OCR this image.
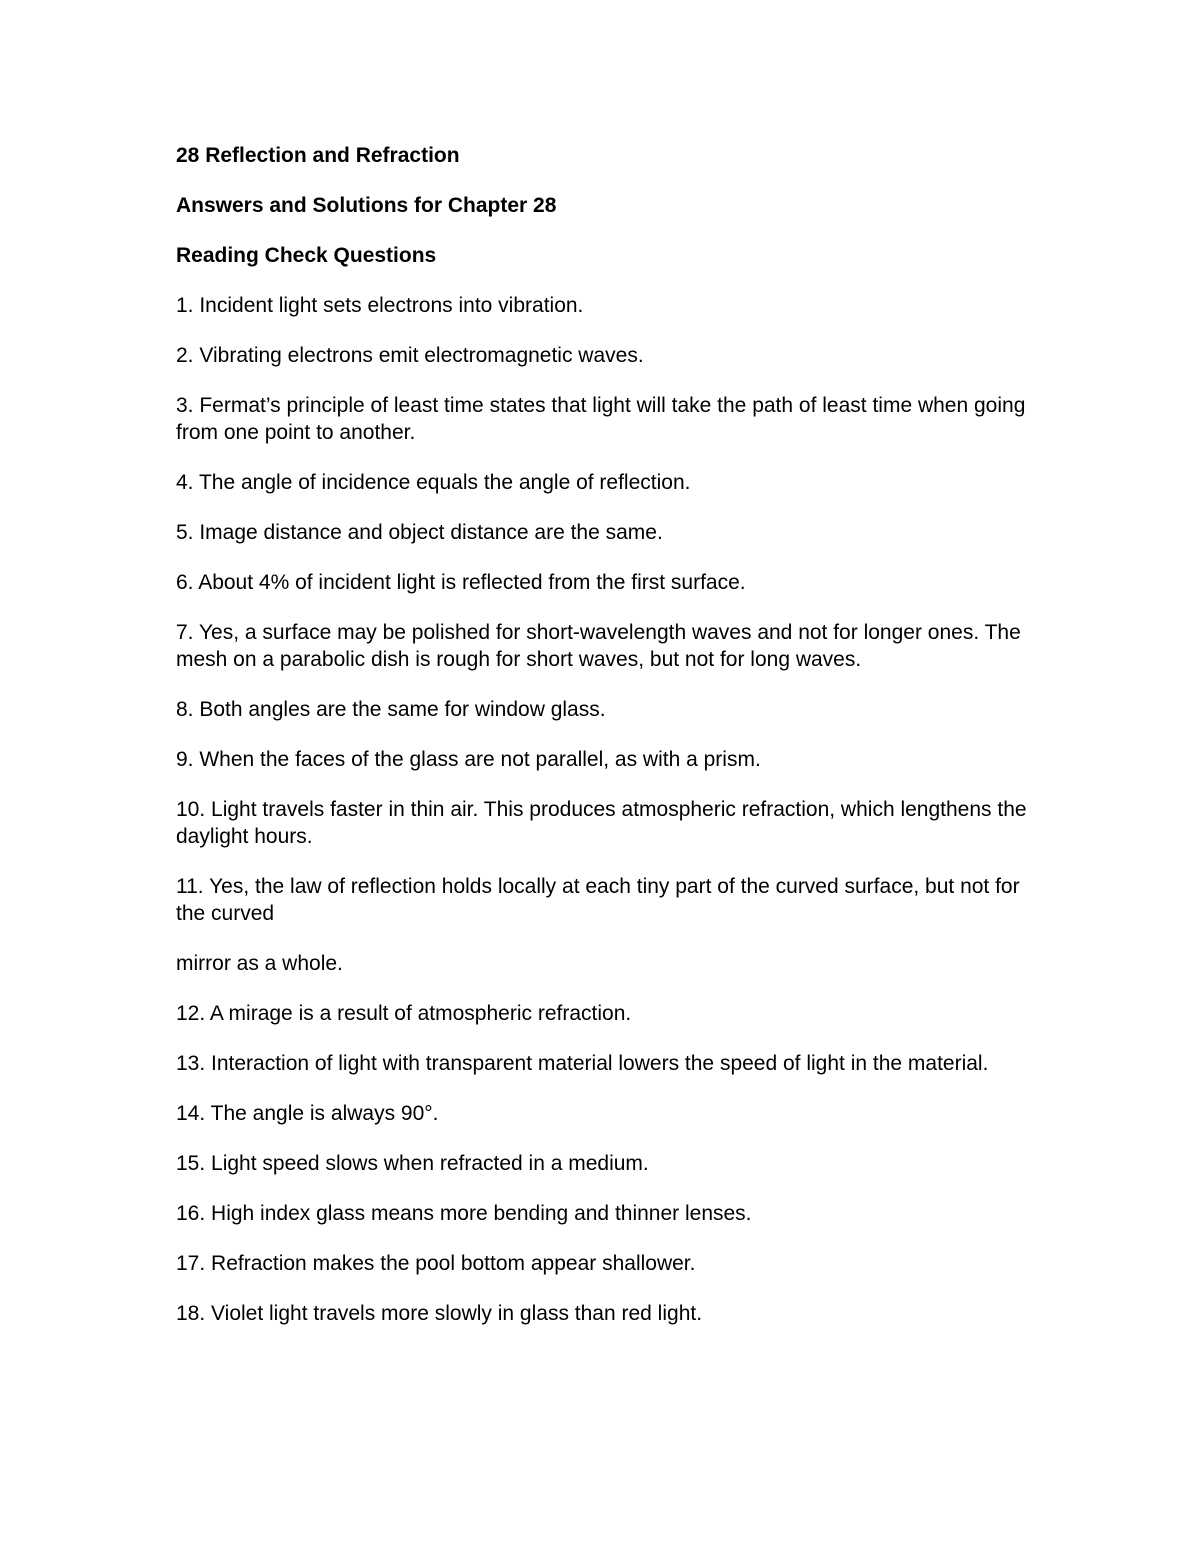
28 Reflection and Refraction
Answers and Solutions for Chapter 28
Reading Check Questions
1. Incident light sets electrons into vibration.
2. Vibrating electrons emit electromagnetic waves.
3. Fermat’s principle of least time states that light will take the path of least time when going from one point to another.
4. The angle of incidence equals the angle of reflection.
5. Image distance and object distance are the same.
6. About 4% of incident light is reflected from the first surface.
7. Yes, a surface may be polished for short-wavelength waves and not for longer ones. The mesh on a parabolic dish is rough for short waves, but not for long waves.
8. Both angles are the same for window glass.
9. When the faces of the glass are not parallel, as with a prism.
10. Light travels faster in thin air. This produces atmospheric refraction, which lengthens the daylight hours.
11. Yes, the law of reflection holds locally at each tiny part of the curved surface, but not for the curved
mirror as a whole.
12. A mirage is a result of atmospheric refraction.
13. Interaction of light with transparent material lowers the speed of light in the material.
14. The angle is always 90°.
15. Light speed slows when refracted in a medium.
16. High index glass means more bending and thinner lenses.
17. Refraction makes the pool bottom appear shallower.
18. Violet light travels more slowly in glass than red light.
